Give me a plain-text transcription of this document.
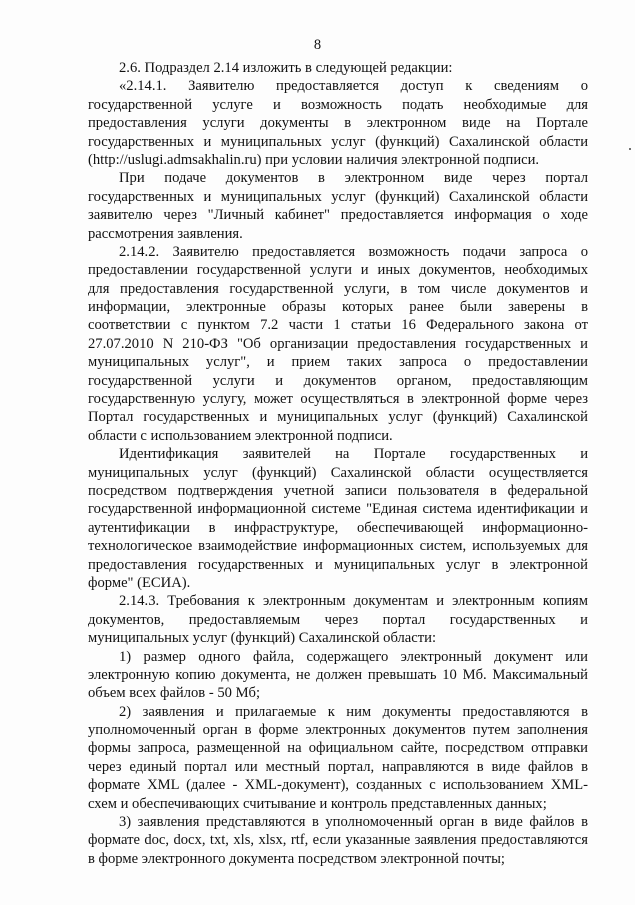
8
2.6. Подраздел 2.14 изложить в следующей редакции:
«2.14.1. Заявителю предоставляется доступ к сведениям о
государственной услуге и возможность подать необходимые для
предоставления услуги документы в электронном виде на Портале
государственных и муниципальных услуг (функций) Сахалинской области
(http://uslugi.admsakhalin.ru) при условии наличия электронной подписи.
При подаче документов в электронном виде через портал
государственных и муниципальных услуг (функций) Сахалинской области
заявителю через "Личный кабинет" предоставляется информация о ходе
рассмотрения заявления.
2.14.2. Заявителю предоставляется возможность подачи запроса о
предоставлении государственной услуги и иных документов, необходимых
для предоставления государственной услуги, в том числе документов и
информации, электронные образы которых ранее были заверены в
соответствии с пунктом 7.2 части 1 статьи 16 Федерального закона от
27.07.2010 N 210-ФЗ "Об организации предоставления государственных и
муниципальных услуг", и прием таких запроса о предоставлении
государственной услуги и документов органом, предоставляющим
государственную услугу, может осуществляться в электронной форме через
Портал государственных и муниципальных услуг (функций) Сахалинской
области с использованием электронной подписи.
Идентификация заявителей на Портале государственных и
муниципальных услуг (функций) Сахалинской области осуществляется
посредством подтверждения учетной записи пользователя в федеральной
государственной информационной системе "Единая система идентификации и
аутентификации в инфраструктуре, обеспечивающей информационно-
технологическое взаимодействие информационных систем, используемых для
предоставления государственных и муниципальных услуг в электронной
форме" (ЕСИА).
2.14.3. Требования к электронным документам и электронным копиям
документов, предоставляемым через портал государственных и
муниципальных услуг (функций) Сахалинской области:
1) размер одного файла, содержащего электронный документ или
электронную копию документа, не должен превышать 10 Мб. Максимальный
объем всех файлов - 50 Мб;
2) заявления и прилагаемые к ним документы предоставляются в
уполномоченный орган в форме электронных документов путем заполнения
формы запроса, размещенной на официальном сайте, посредством отправки
через единый портал или местный портал, направляются в виде файлов в
формате XML (далее - XML-документ), созданных с использованием XML-
схем и обеспечивающих считывание и контроль представленных данных;
3) заявления представляются в уполномоченный орган в виде файлов в
формате doc, docx, txt, xls, xlsx, rtf, если указанные заявления предоставляются
в форме электронного документа посредством электронной почты;
